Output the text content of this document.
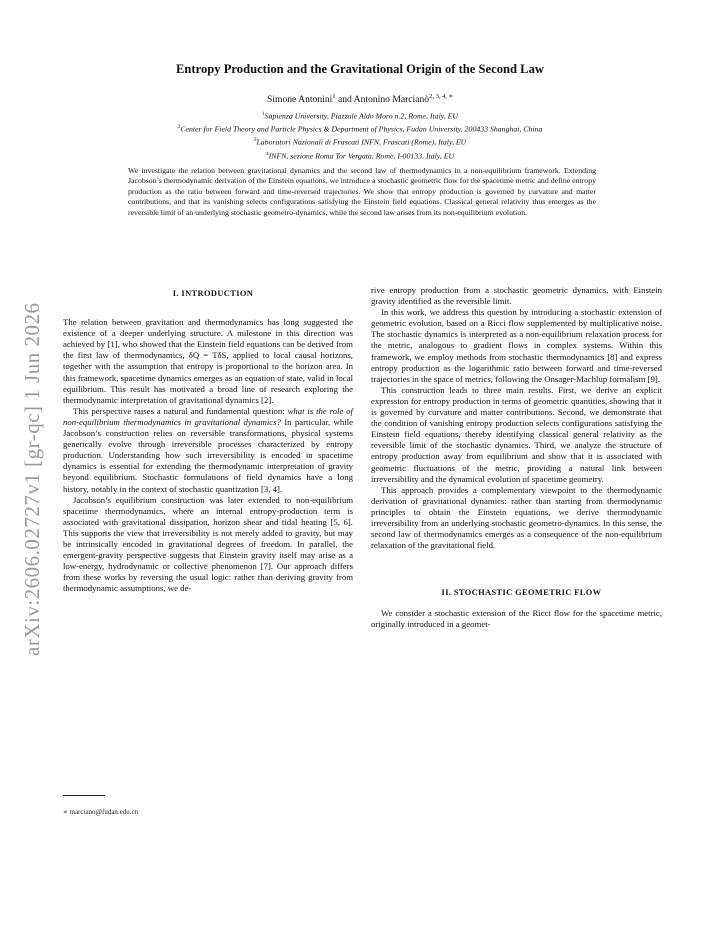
arXiv:2606.02727v1 [gr-qc] 1 Jun 2026
Entropy Production and the Gravitational Origin of the Second Law
Simone Antonini$^1$ and Antonino Marcianò$^{2, 3, 4, ∗}$
$^1$Sapienza University, Piazzale Aldo Moro n.2, Rome, Italy, EU
$^2$Center for Field Theory and Particle Physics & Department of Physics, Fudan University, 200433 Shanghai, China
$^3$Laboratori Nazionali di Frascati INFN, Frascati (Rome), Italy, EU
$^4$INFN, sezione Roma Tor Vergata, Rome, I-00133, Italy, EU
We investigate the relation between gravitational dynamics and the second law of thermodynamics in a non-equilibrium framework. Extending Jacobson’s thermodynamic derivation of the Einstein equations, we introduce a stochastic geometric flow for the spacetime metric and define entropy production as the ratio between forward and time-reversed trajectories. We show that entropy production is governed by curvature and matter contributions, and that its vanishing selects configurations satisfying the Einstein field equations. Classical general relativity thus emerges as the reversible limit of an underlying stochastic geometro-dynamics, while the second law arises from its non-equilibrium evolution.

I. INTRODUCTION

The relation between gravitation and thermodynamics has long suggested the existence of a deeper underlying structure. A milestone in this direction was achieved by [1], who showed that the Einstein field equations can be derived from the first law of thermodynamics, δQ = TδS, applied to local causal horizons, together with the assumption that entropy is proportional to the horizon area. In this framework, spacetime dynamics emerges as an equation of state, valid in local equilibrium. This result has motivated a broad line of research exploring the thermodynamic interpretation of gravitational dynamics [2].

This perspective raises a natural and fundamental question: what is the role of non-equilibrium thermodynamics in gravitational dynamics? In particular, while Jacobson’s construction relies on reversible transformations, physical systems generically evolve through irreversible processes characterized by entropy production. Understanding how such irreversibility is encoded in spacetime dynamics is essential for extending the thermodynamic interpretation of gravity beyond equilibrium. Stochastic formulations of field dynamics have a long history, notably in the context of stochastic quantization [3, 4].

Jacobson’s equilibrium construction was later extended to non-equilibrium spacetime thermodynamics, where an internal entropy-production term is associated with gravitational dissipation, horizon shear and tidal heating [5, 6]. This supports the view that irreversibility is not merely added to gravity, but may be intrinsically encoded in gravitational degrees of freedom. In parallel, the emergent-gravity perspective suggests that Einstein gravity itself may arise as a low-energy, hydrodynamic or collective phenomenon [7]. Our approach differs from these works by reversing the usual logic: rather than deriving gravity from thermodynamic assumptions, we de-

rive entropy production from a stochastic geometric dynamics, with Einstein gravity identified as the reversible limit.

In this work, we address this question by introducing a stochastic extension of geometric evolution, based on a Ricci flow supplemented by multiplicative noise. The stochastic dynamics is interpreted as a non-equilibrium relaxation process for the metric, analogous to gradient flows in complex systems. Within this framework, we employ methods from stochastic thermodynamics [8] and express entropy production as the logarithmic ratio between forward and time-reversed trajectories in the space of metrics, following the Onsager-Machlup formalism [9].

This construction leads to three main results. First, we derive an explicit expression for entropy production in terms of geometric quantities, showing that it is governed by curvature and matter contributions. Second, we demonstrate that the condition of vanishing entropy production selects configurations satisfying the Einstein field equations, thereby identifying classical general relativity as the reversible limit of the stochastic dynamics. Third, we analyze the structure of entropy production away from equilibrium and show that it is associated with geometric fluctuations of the metric, providing a natural link between irreversibility and the dynamical evolution of spacetime geometry.

This approach provides a complementary viewpoint to the thermodynamic derivation of gravitational dynamics: rather than starting from thermodynamic principles to obtain the Einstein equations, we derive thermodynamic irreversibility from an underlying stochastic geometro-dynamics. In this sense, the second law of thermodynamics emerges as a consequence of the non-equilibrium relaxation of the gravitational field.

II. STOCHASTIC GEOMETRIC FLOW

We consider a stochastic extension of the Ricci flow for the spacetime metric, originally introduced in a geomet-

∗ marciano@fudan.edu.cn
